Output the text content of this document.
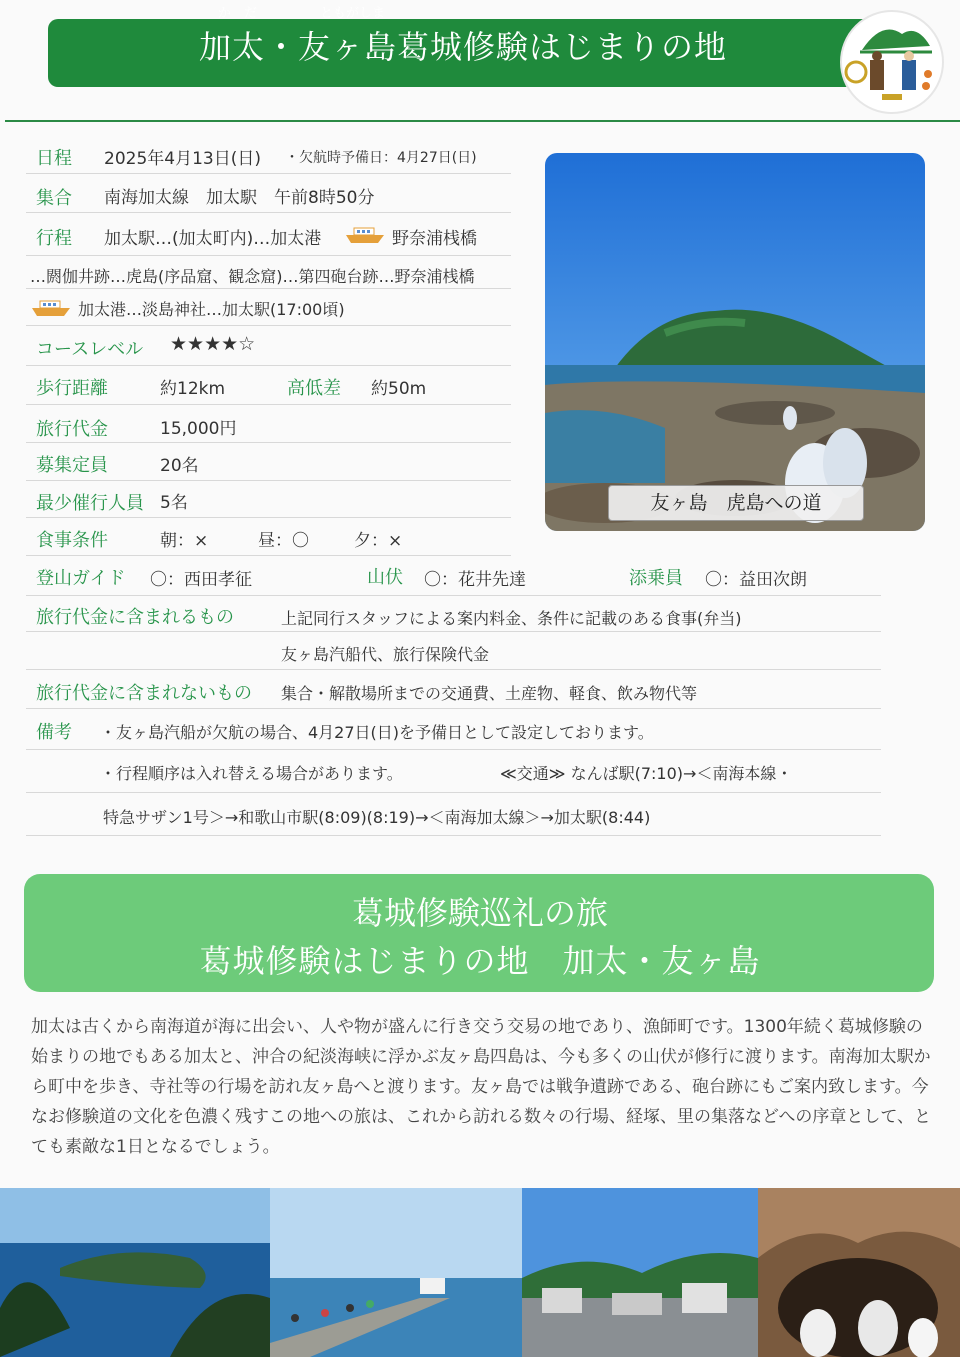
か　だ	ともがしま
加太・友ヶ島葛城修験はじまりの地
日程 2025年4月13日(日) ・欠航時予備日：4月27日(日)
集合 南海加太線　加太駅　午前8時50分
行程 加太駅…(加太町内)…加太港	野奈浦桟橋
…閼伽井跡…虎島(序品窟、観念窟)…第四砲台跡…野奈浦桟橋
加太港…淡島神社…加太駅(17:00頃)
コースレベル ★★★★☆
歩行距離	約12km	高低差 約50m
旅行代金	15,000円
募集定員	20名
最少催行人員 5名
食事条件	朝：×	昼：〇	夕：×
登山ガイド 〇：西田孝征	山伏 〇：花井先達	添乗員 〇：益田次朗
旅行代金に含まれるもの	上記同行スタッフによる案内料金、条件に記載のある食事(弁当)
友ヶ島汽船代、旅行保険代金
旅行代金に含まれないもの 集合・解散場所までの交通費、土産物、軽食、飲み物代等
備考 ・友ヶ島汽船が欠航の場合、4月27日(日)を予備日として設定しております。
・行程順序は入れ替える場合があります。	≪交通≫ なんば駅(7:10)→＜南海本線・
特急サザン1号＞→和歌山市駅(8:09)(8:19)→＜南海加太線＞→加太駅(8:44)
友ヶ島　虎島への道
葛城修験巡礼の旅
葛城修験はじまりの地　加太・友ヶ島
加太は古くから南海道が海に出会い、人や物が盛んに行き交う交易の地であり、漁師町です。1300年続く葛城修験の始まりの地でもある加太と、沖合の紀淡海峡に浮かぶ友ヶ島四島は、今も多くの山伏が修行に渡ります。南海加太駅から町中を歩き、寺社等の行場を訪れ友ヶ島へと渡ります。友ヶ島では戦争遺跡である、砲台跡にもご案内致します。今なお修験道の文化を色濃く残すこの地への旅は、これから訪れる数々の行場、経塚、里の集落などへの序章として、とても素敵な1日となるでしょう。
